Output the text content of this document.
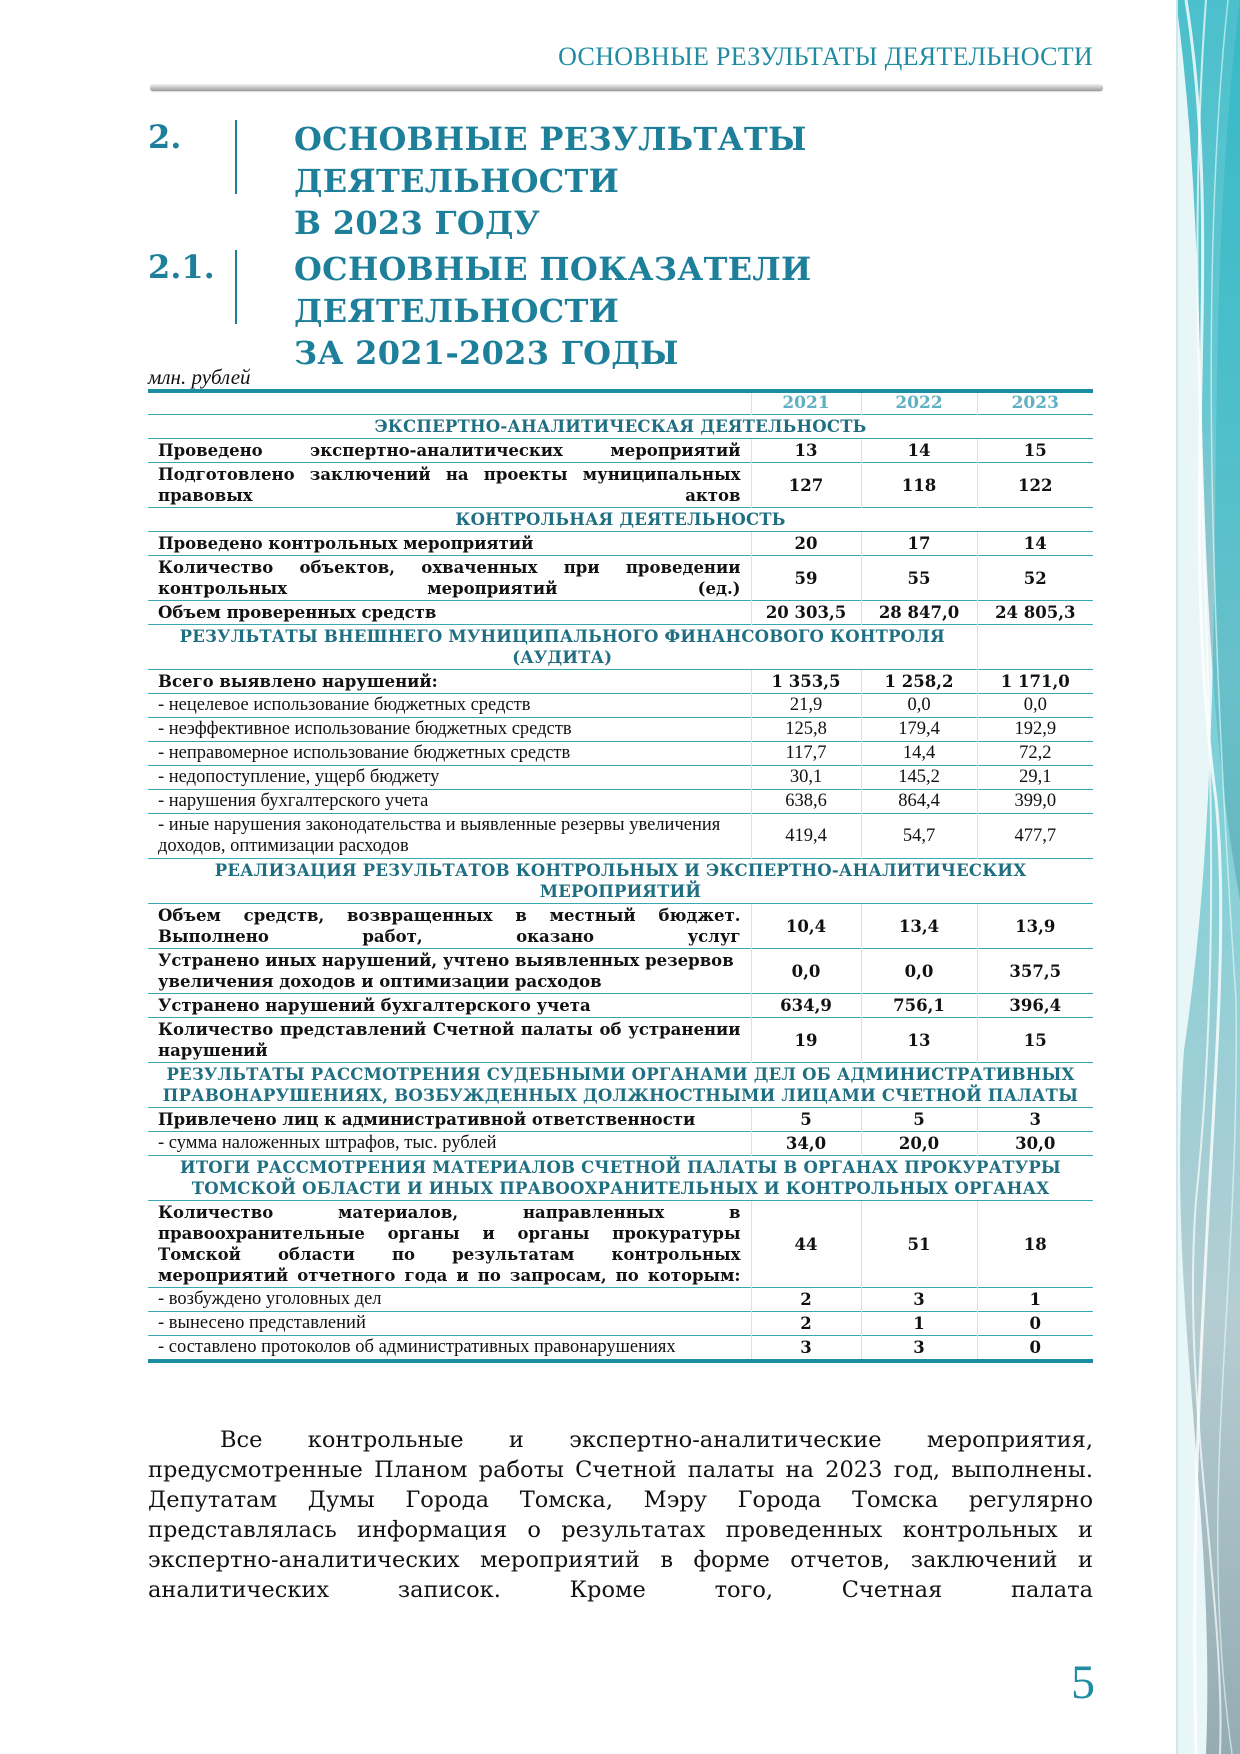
ОСНОВНЫЕ РЕЗУЛЬТАТЫ ДЕЯТЕЛЬНОСТИ
2.	ОСНОВНЫЕ РЕЗУЛЬТАТЫ ДЕЯТЕЛЬНОСТИ
В 2023 ГОДУ
2.1. ОСНОВНЫЕ ПОКАЗАТЕЛИ ДЕЯТЕЛЬНОСТИ
ЗА 2021-2023 ГОДЫ
млн. рублей
	2021	2022	2023
ЭКСПЕРТНО-АНАЛИТИЧЕСКАЯ ДЕЯТЕЛЬНОСТЬ			
Проведено экспертно-аналитических мероприятий	13	14	15
Подготовлено заключений на проекты муниципальных правовых актов	127	118	122
КОНТРОЛЬНАЯ ДЕЯТЕЛЬНОСТЬ			
Проведено контрольных мероприятий	20	17	14
Количество объектов, охваченных при проведении контрольных мероприятий (ед.)	59	55	52
Объем проверенных средств	20 303,5	28 847,0	24 805,3
РЕЗУЛЬТАТЫ ВНЕШНЕГО МУНИЦИПАЛЬНОГО ФИНАНСОВОГО КОНТРОЛЯ (АУДИТА)			
Всего выявлено нарушений:	1 353,5	1 258,2	1 171,0
- нецелевое использование бюджетных средств	21,9	0,0	0,0
- неэффективное использование бюджетных средств	125,8	179,4	192,9
- неправомерное использование бюджетных средств	117,7	14,4	72,2
- недопоступление, ущерб бюджету	30,1	145,2	29,1
- нарушения бухгалтерского учета	638,6	864,4	399,0
- иные нарушения законодательства и выявленные резервы увеличения доходов, оптимизации расходов	419,4	54,7	477,7
РЕАЛИЗАЦИЯ РЕЗУЛЬТАТОВ КОНТРОЛЬНЫХ И ЭКСПЕРТНО-АНАЛИТИЧЕСКИХ МЕРОПРИЯТИЙ			
Объем средств, возвращенных в местный бюджет. Выполнено работ, оказано услуг	10,4	13,4	13,9
Устранено иных нарушений, учтено выявленных резервов увеличения доходов и оптимизации расходов	0,0	0,0	357,5
Устранено нарушений бухгалтерского учета	634,9	756,1	396,4
Количество представлений Счетной палаты об устранении нарушений	19	13	15
РЕЗУЛЬТАТЫ РАССМОТРЕНИЯ СУДЕБНЫМИ ОРГАНАМИ ДЕЛ ОБ АДМИНИСТРАТИВНЫХ ПРАВОНАРУШЕНИЯХ, ВОЗБУЖДЕННЫХ ДОЛЖНОСТНЫМИ ЛИЦАМИ СЧЕТНОЙ ПАЛАТЫ			
Привлечено лиц к административной ответственности	5	5	3
- сумма наложенных штрафов, тыс. рублей	34,0	20,0	30,0
ИТОГИ РАССМОТРЕНИЯ МАТЕРИАЛОВ СЧЕТНОЙ ПАЛАТЫ В ОРГАНАХ ПРОКУРАТУРЫ ТОМСКОЙ ОБЛАСТИ И ИНЫХ ПРАВООХРАНИТЕЛЬНЫХ И КОНТРОЛЬНЫХ ОРГАНАХ			
Количество материалов, направленных в правоохранительные органы и органы прокуратуры Томской области по результатам контрольных мероприятий отчетного года и по запросам, по которым:	44	51	18
- возбуждено уголовных дел	2	3	1
- вынесено представлений	2	1	0
- составлено протоколов об административных правонарушениях	3	3	0
Все контрольные и экспертно-аналитические мероприятия, предусмотренные Планом работы Счетной палаты на 2023 год, выполнены. Депутатам Думы Города Томска, Мэру Города Томска регулярно представлялась информация о результатах проведенных контрольных и экспертно-аналитических мероприятий в форме отчетов, заключений и аналитических записок. Кроме того, Счетная палата
5
